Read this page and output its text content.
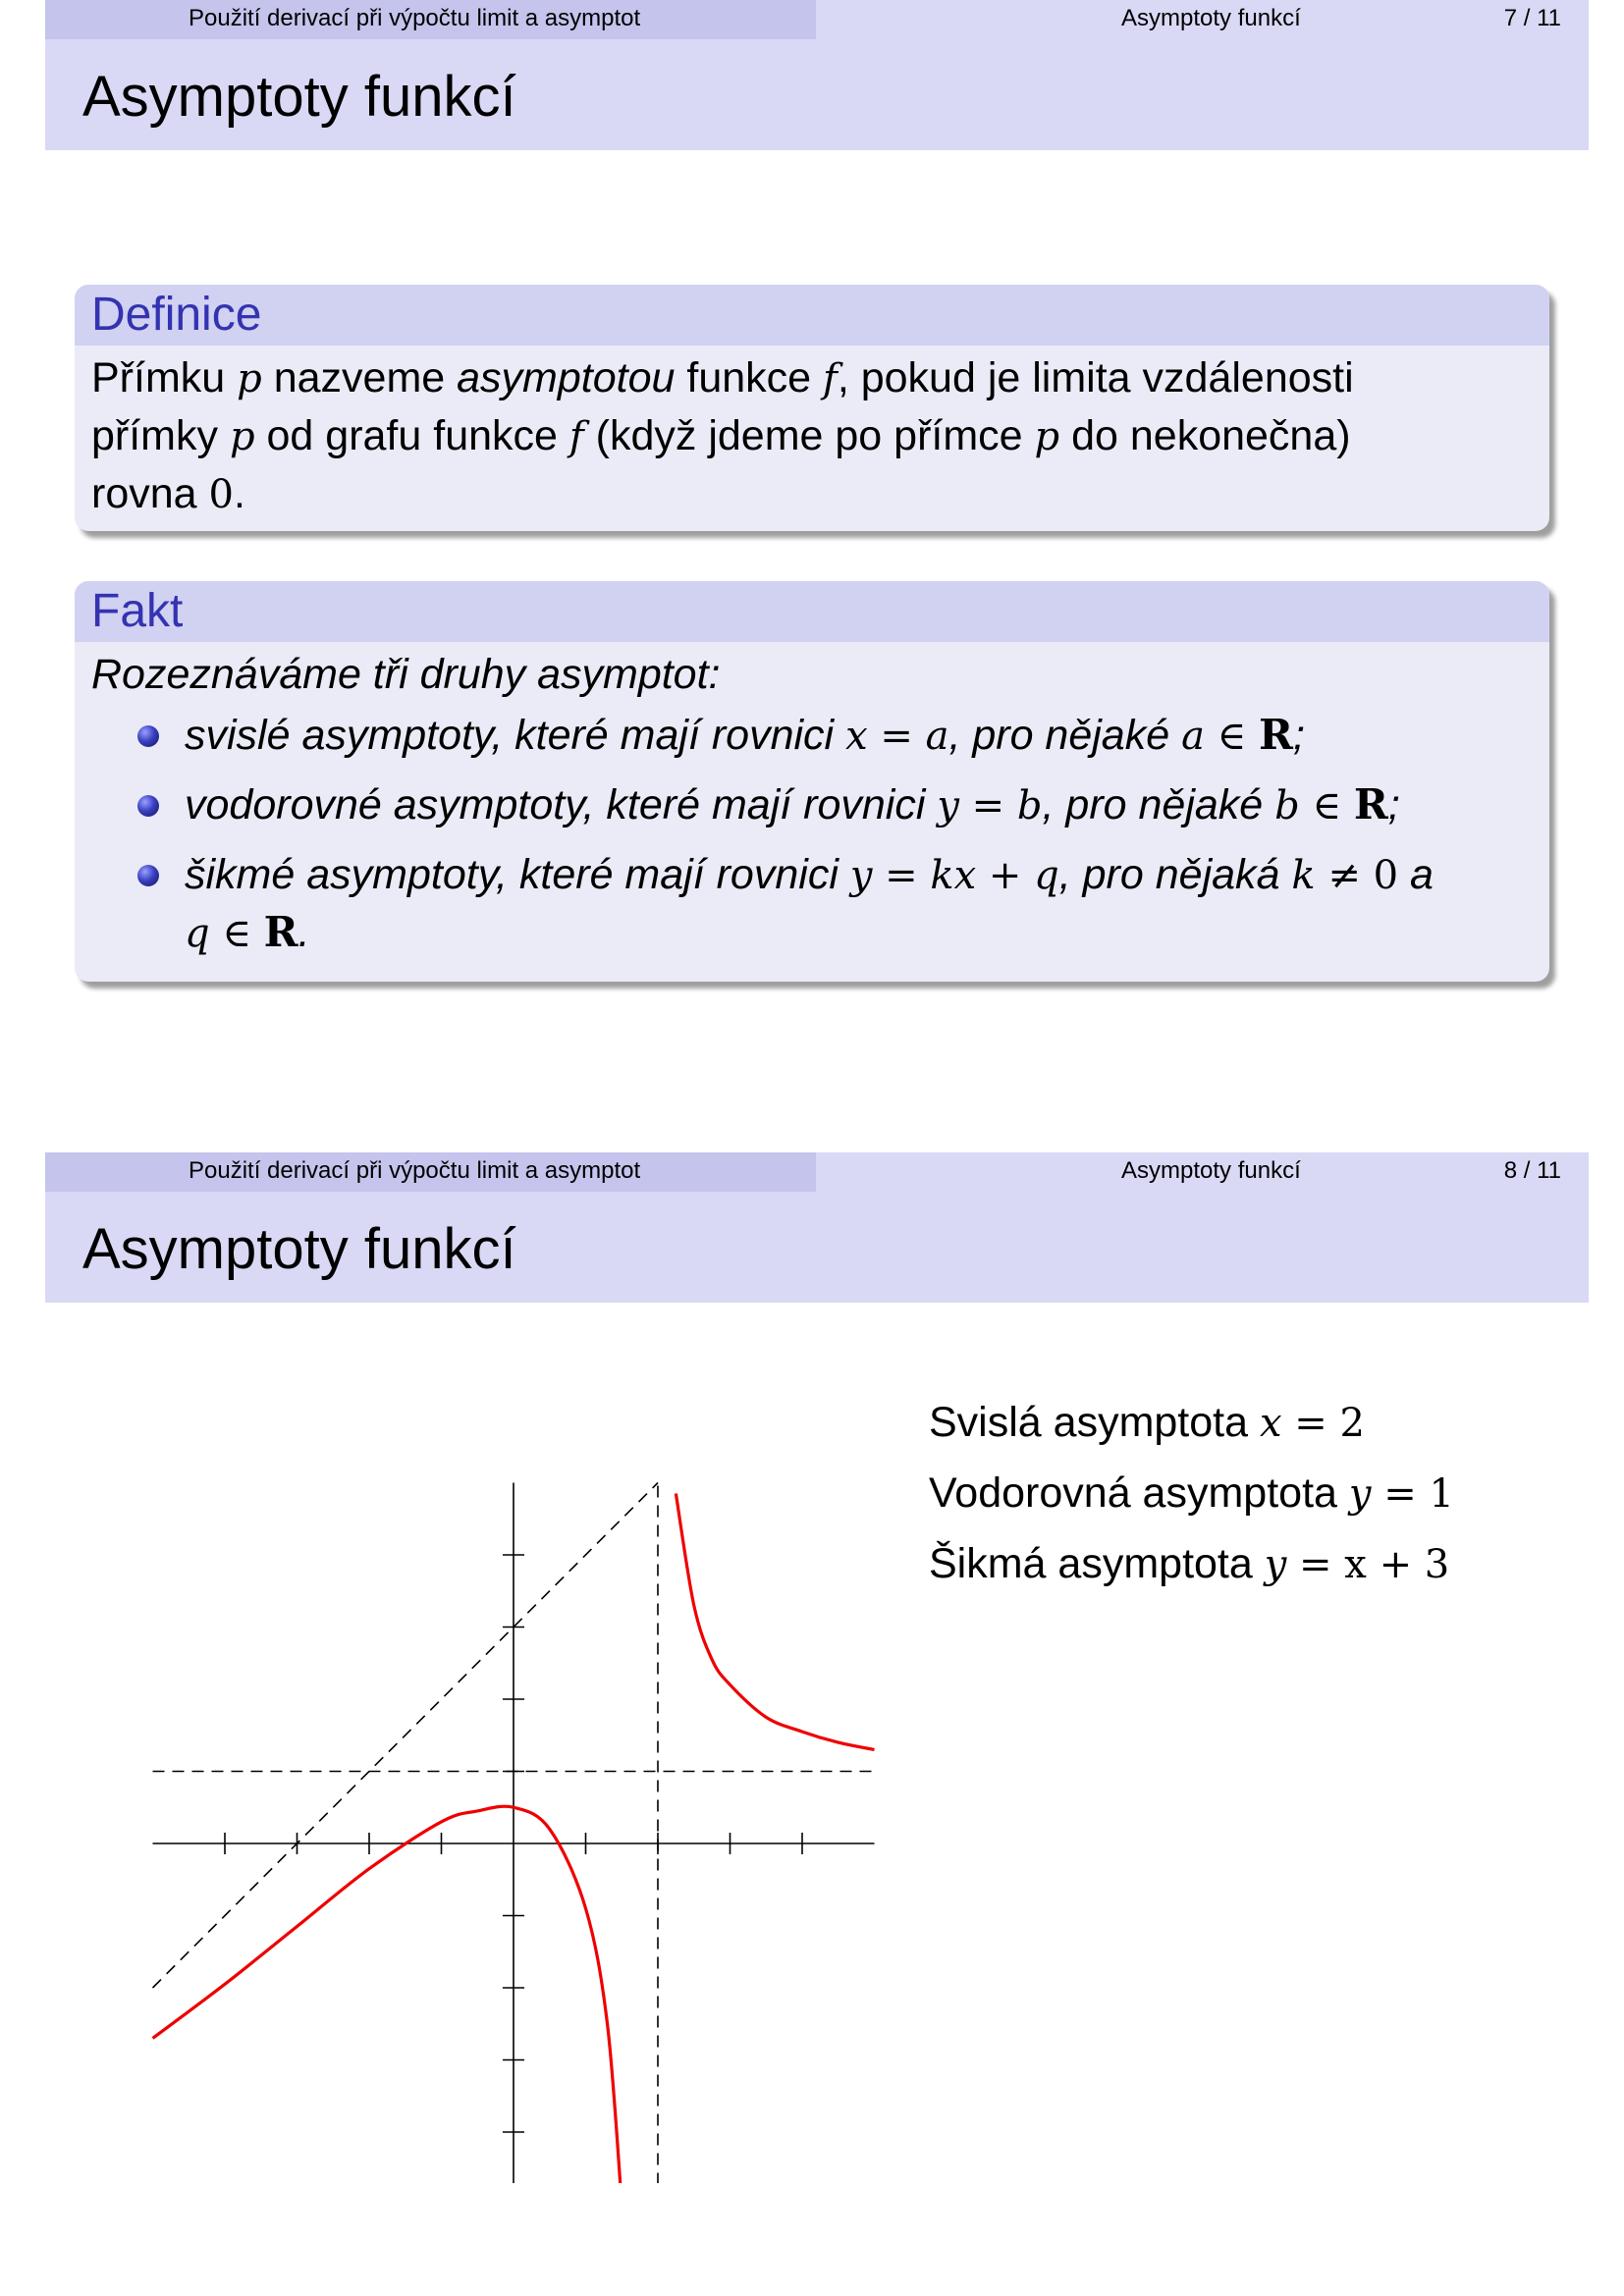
Použití derivací při výpočtu limit a asymptot	Asymptoty funkcí	7 / 11
Asymptoty funkcí
Definice
Přímku p nazveme asymptotou funkce f, pokud je limita vzdálenosti
přímky p od grafu funkce f (když jdeme po přímce p do nekonečna)
rovna 0.
Fakt
Rozeznáváme tři druhy asymptot:
svislé asymptoty, které mají rovnici x = a, pro nějaké a ∈ R;
vodorovné asymptoty, které mají rovnici y = b, pro nějaké b ∈ R;
šikmé asymptoty, které mají rovnici y = kx + q, pro nějaká k ≠ 0 a
q ∈ R.
Použití derivací při výpočtu limit a asymptot	Asymptoty funkcí	8 / 11
Asymptoty funkcí
Svislá asymptota x = 2
Vodorovná asymptota y = 1
Šikmá asymptota y = x + 3
